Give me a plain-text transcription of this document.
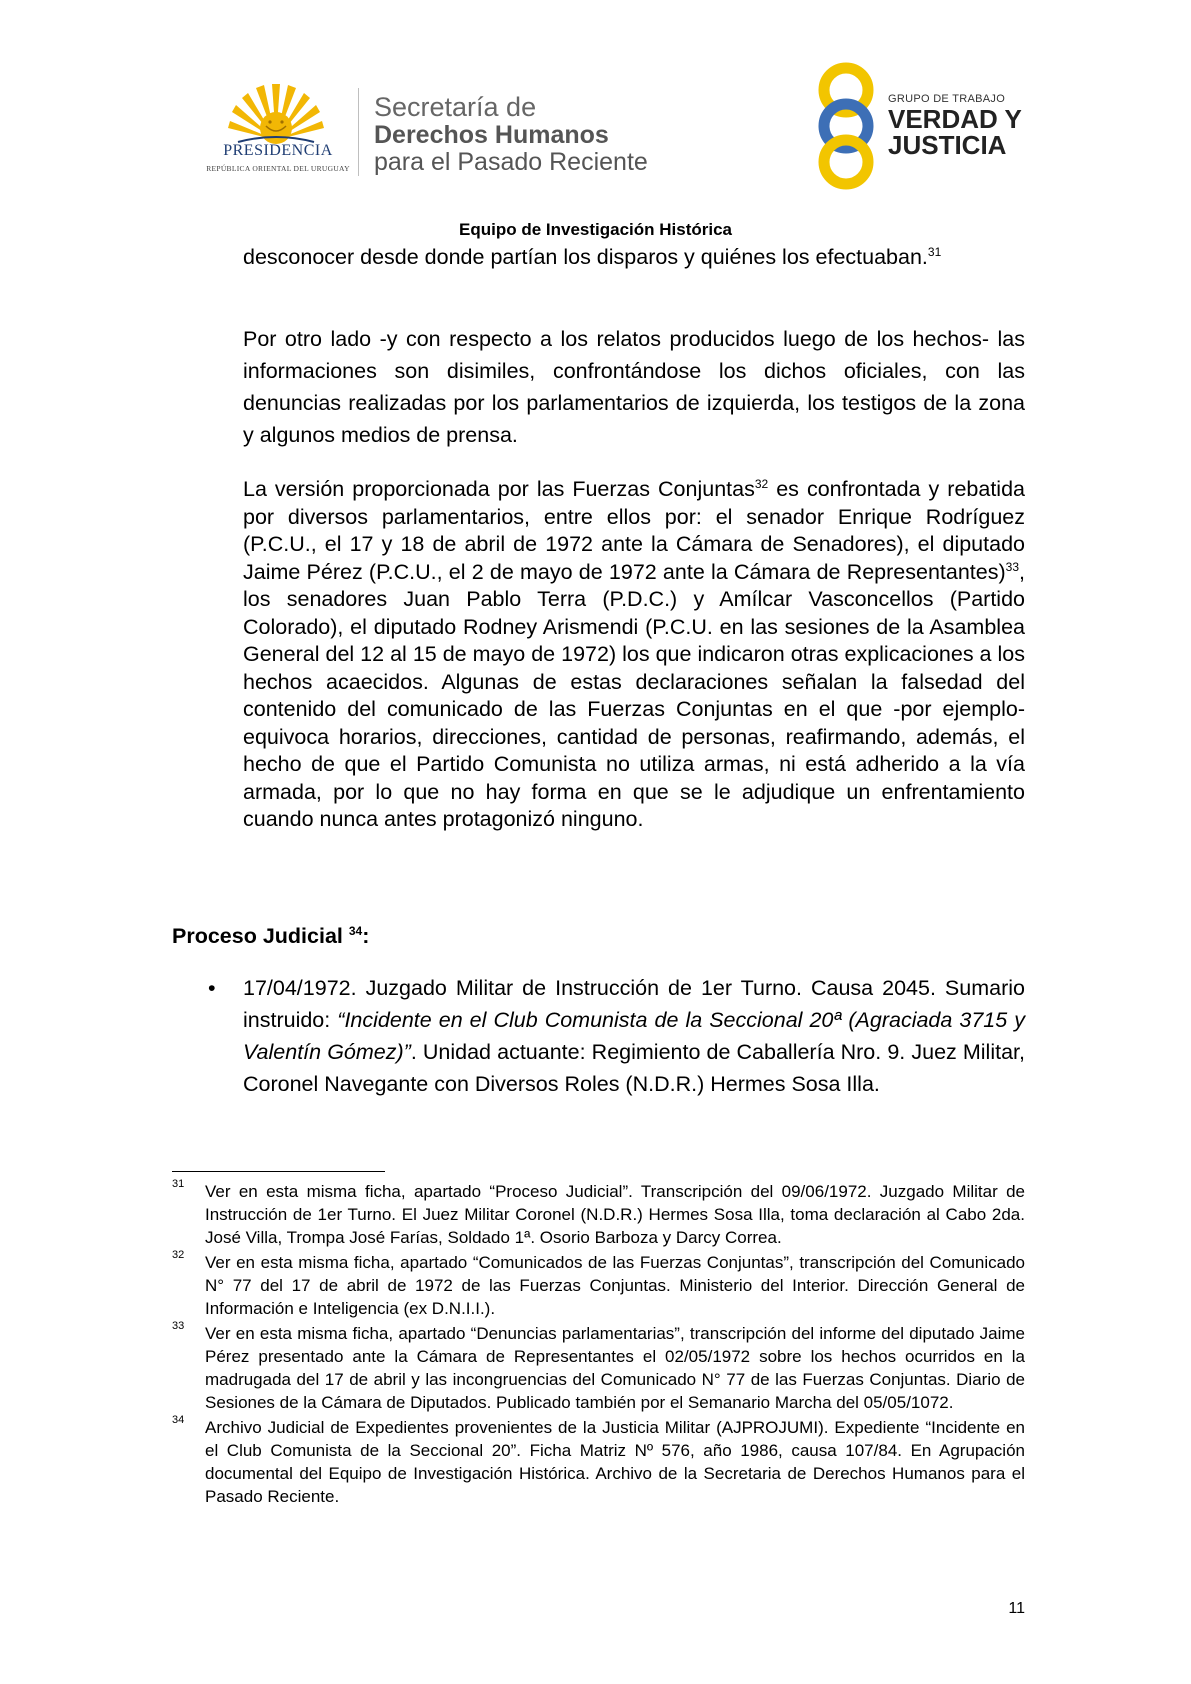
PRESIDENCIA
REPÚBLICA ORIENTAL DEL URUGUAY
Secretaría de
Derechos Humanos
para el Pasado Reciente
GRUPO DE TRABAJO
VERDAD Y
JUSTICIA
Equipo de Investigación Histórica
desconocer desde donde partían los disparos y quiénes los efectuaban.$^{31}$
Por otro lado -y con respecto a los relatos producidos luego de los hechos- las informaciones son disimiles, confrontándose los dichos oficiales, con las denuncias realizadas por los parlamentarios de izquierda, los testigos de la zona y algunos medios de prensa.
La versión proporcionada por las Fuerzas Conjuntas$^{32}$ es confrontada y rebatida por diversos parlamentarios, entre ellos por: el senador Enrique Rodríguez (P.C.U., el 17 y 18 de abril de 1972 ante la Cámara de Senadores), el diputado Jaime Pérez (P.C.U., el 2 de mayo de 1972 ante la Cámara de Representantes)$^{33}$, los senadores Juan Pablo Terra (P.D.C.) y Amílcar Vasconcellos (Partido Colorado), el diputado Rodney Arismendi (P.C.U. en las sesiones de la Asamblea General del 12 al 15 de mayo de 1972) los que indicaron otras explicaciones a los hechos acaecidos. Algunas de estas declaraciones señalan la falsedad del contenido del comunicado de las Fuerzas Conjuntas en el que -por ejemplo- equivoca horarios, direcciones, cantidad de personas, reafirmando, además, el hecho de que el Partido Comunista no utiliza armas, ni está adherido a la vía armada, por lo que no hay forma en que se le adjudique un enfrentamiento cuando nunca antes protagonizó ninguno.
Proceso Judicial $^{34}$:
• 17/04/1972. Juzgado Militar de Instrucción de 1er Turno. Causa 2045. Sumario instruido: “Incidente en el Club Comunista de la Seccional 20ª (Agraciada 3715 y Valentín Gómez)”. Unidad actuante: Regimiento de Caballería Nro. 9. Juez Militar, Coronel Navegante con Diversos Roles (N.D.R.) Hermes Sosa Illa.
31 Ver en esta misma ficha, apartado “Proceso Judicial”. Transcripción del 09/06/1972. Juzgado Militar de Instrucción de 1er Turno. El Juez Militar Coronel (N.D.R.) Hermes Sosa Illa, toma declaración al Cabo 2da. José Villa, Trompa José Farías, Soldado 1ª. Osorio Barboza y Darcy Correa.
32 Ver en esta misma ficha, apartado “Comunicados de las Fuerzas Conjuntas”, transcripción del Comunicado N° 77 del 17 de abril de 1972 de las Fuerzas Conjuntas. Ministerio del Interior. Dirección General de Información e Inteligencia (ex D.N.I.I.).
33 Ver en esta misma ficha, apartado “Denuncias parlamentarias”, transcripción del informe del diputado Jaime Pérez presentado ante la Cámara de Representantes el 02/05/1972 sobre los hechos ocurridos en la madrugada del 17 de abril y las incongruencias del Comunicado N° 77 de las Fuerzas Conjuntas. Diario de Sesiones de la Cámara de Diputados. Publicado también por el Semanario Marcha del 05/05/1072.
34 Archivo Judicial de Expedientes provenientes de la Justicia Militar (AJPROJUMI). Expediente “Incidente en el Club Comunista de la Seccional 20”. Ficha Matriz Nº 576, año 1986, causa 107/84. En Agrupación documental del Equipo de Investigación Histórica. Archivo de la Secretaria de Derechos Humanos para el Pasado Reciente.
11
